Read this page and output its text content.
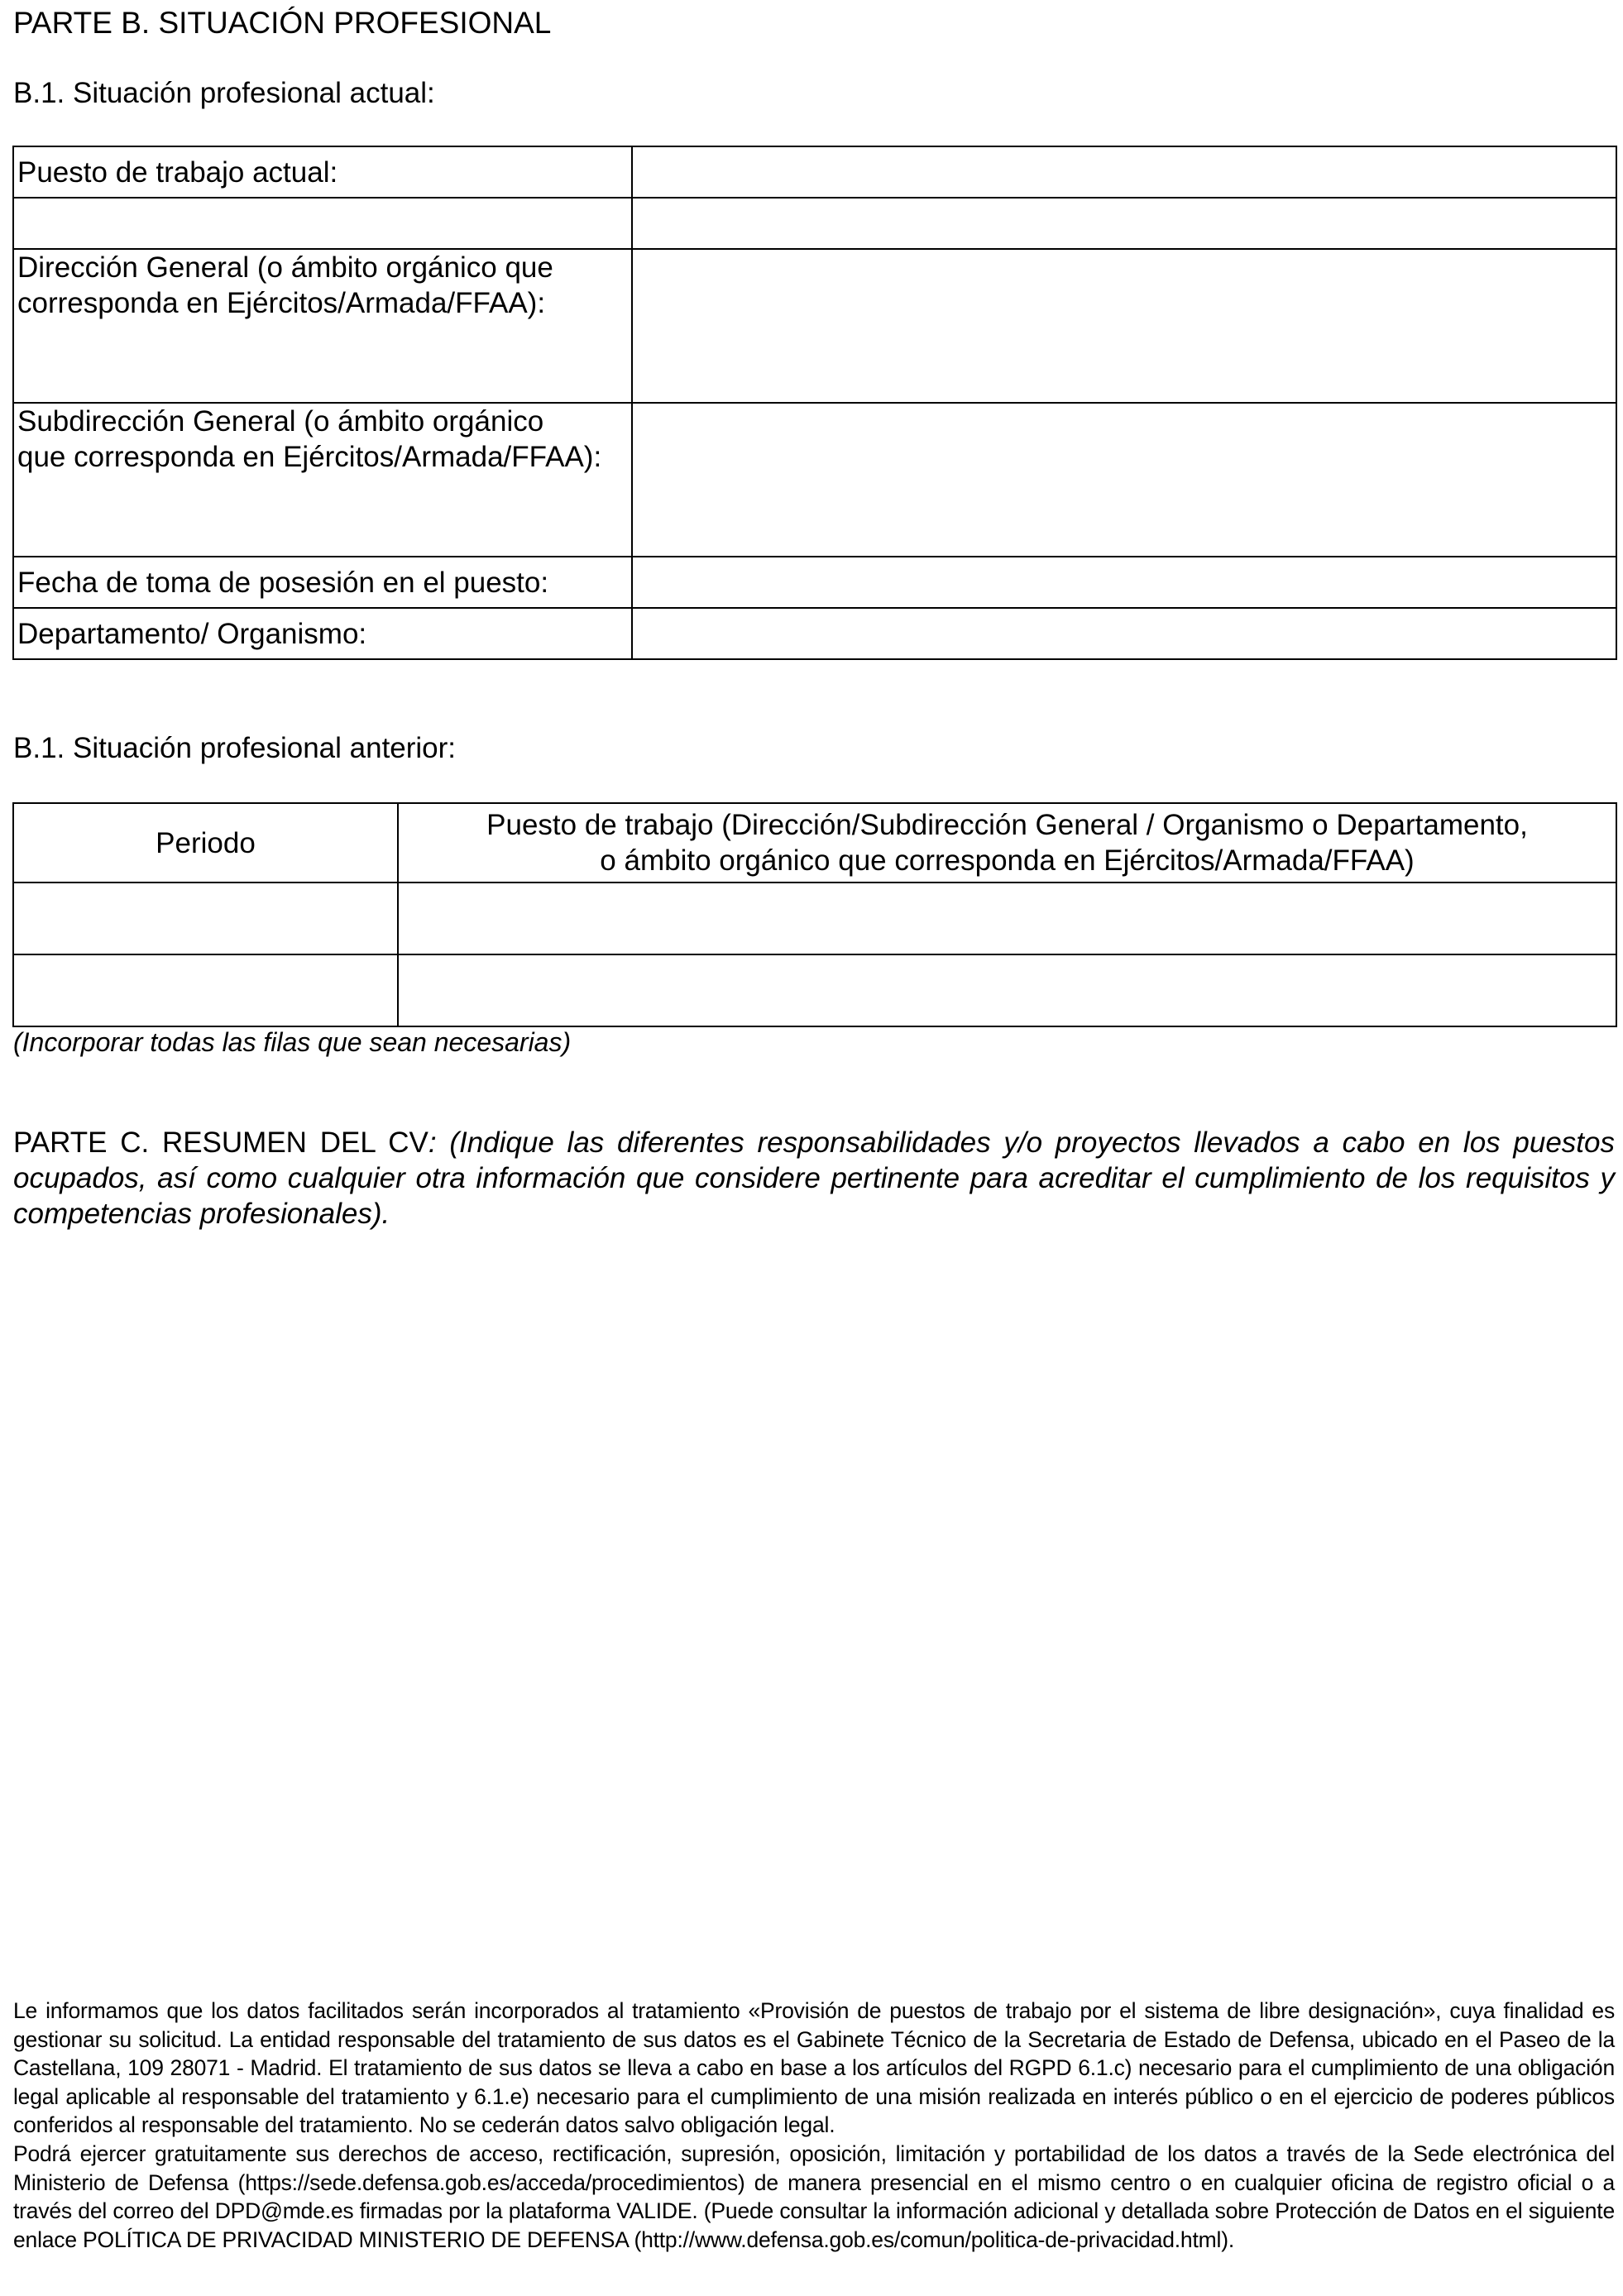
PARTE B. SITUACIÓN PROFESIONAL
B.1. Situación profesional actual:
Puesto de trabajo actual:	

Dirección General (o ámbito orgánico que
corresponda en Ejércitos/Armada/FFAA):	

Subdirección General (o ámbito orgánico
que corresponda en Ejércitos/Armada/FFAA):	

Fecha de toma de posesión en el puesto:	

Departamento/ Organismo:	

B.1. Situación profesional anterior:
Periodo	Puesto de trabajo (Dirección/Subdirección General / Organismo o Departamento,
o ámbito orgánico que corresponda en Ejércitos/Armada/FFAA)

(Incorporar todas las filas que sean necesarias)
PARTE C. RESUMEN DEL CV: (Indique las diferentes responsabilidades y/o proyectos llevados a cabo en los puestos ocupados, así como cualquier otra información que considere pertinente para acreditar el cumplimiento de los requisitos y competencias profesionales).

Le informamos que los datos facilitados serán incorporados al tratamiento «Provisión de puestos de trabajo por el sistema de libre designación», cuya finalidad es gestionar su solicitud. La entidad responsable del tratamiento de sus datos es el Gabinete Técnico de la Secretaria de Estado de Defensa, ubicado en el Paseo de la Castellana, 109 28071 - Madrid. El tratamiento de sus datos se lleva a cabo en base a los artículos del RGPD 6.1.c) necesario para el cumplimiento de una obligación legal aplicable al responsable del tratamiento y 6.1.e) necesario para el cumplimiento de una misión realizada en interés público o en el ejercicio de poderes públicos conferidos al responsable del tratamiento. No se cederán datos salvo obligación legal.

Podrá ejercer gratuitamente sus derechos de acceso, rectificación, supresión, oposición, limitación y portabilidad de los datos a través de la Sede electrónica del Ministerio de Defensa (https://sede.defensa.gob.es/acceda/procedimientos) de manera presencial en el mismo centro o en cualquier oficina de registro oficial o a través del correo del DPD@mde.es firmadas por la plataforma VALIDE. (Puede consultar la información adicional y detallada sobre Protección de Datos en el siguiente enlace POLÍTICA DE PRIVACIDAD MINISTERIO DE DEFENSA (http://www.defensa.gob.es/comun/politica-de-privacidad.html).
